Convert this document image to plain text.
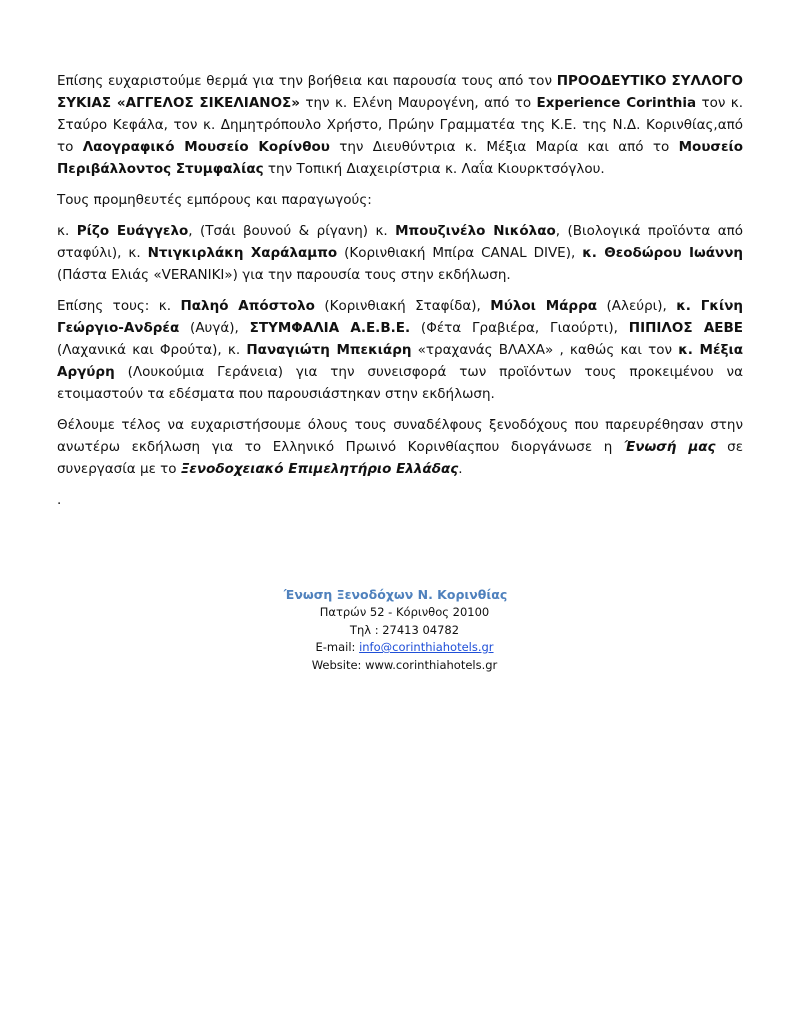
Επίσης ευχαριστούμε θερμά για την βοήθεια και παρουσία τους από τον ΠΡΟΟΔΕΥΤΙΚΟ ΣΥΛΛΟΓΟ ΣΥΚΙΑΣ «ΑΓΓΕΛΟΣ ΣΙΚΕΛΙΑΝΟΣ» την κ. Ελένη Μαυρογένη, από το Experience Corinthia τον κ. Σταύρο Κεφάλα, τον κ. Δημητρόπουλο Χρήστο, Πρώην Γραμματέα της Κ.Ε. της Ν.Δ. Κορινθίας,από το Λαογραφικό Μουσείο Κορίνθου την Διευθύντρια κ. Μέξια Μαρία και από το Μουσείο Περιβάλλοντος Στυμφαλίας την Τοπική Διαχειρίστρια κ. Λαΐα Κιουρκτσόγλου.

Τους προμηθευτές εμπόρους και παραγωγούς:

κ. Ρίζο Ευάγγελο, (Τσάι βουνού & ρίγανη) κ. Μπουζινέλο Νικόλαο, (Βιολογικά προϊόντα από σταφύλι), κ. Ντιγκιρλάκη Χαράλαμπο (Κορινθιακή Μπίρα CANAL DIVE), κ. Θεοδώρου Ιωάννη (Πάστα Ελιάς «VERANIKI») για την παρουσία τους στην εκδήλωση.

Επίσης τους: κ. Παληό Απόστολο (Κορινθιακή Σταφίδα), Μύλοι Μάρρα (Αλεύρι), κ. Γκίνη Γεώργιο-Ανδρέα (Αυγά), ΣΤΥΜΦΑΛΙΑ Α.Ε.Β.Ε. (Φέτα Γραβιέρα, Γιαούρτι), ΠΙΠΙΛΟΣ ΑΕΒΕ (Λαχανικά και Φρούτα), κ. Παναγιώτη Μπεκιάρη «τραχανάς ΒΛΑΧΑ» , καθώς και τον κ. Μέξια Αργύρη (Λουκούμια Γεράνεια) για την συνεισφορά των προϊόντων τους προκειμένου να ετοιμαστούν τα εδέσματα που παρουσιάστηκαν στην εκδήλωση.

Θέλουμε τέλος να ευχαριστήσουμε όλους τους συναδέλφους ξενοδόχους που παρευρέθησαν στην ανωτέρω εκδήλωση για το Ελληνικό Πρωινό Κορινθίαςπου διοργάνωσε η Ένωσή μας σε συνεργασία με το Ξενοδοχειακό Επιμελητήριο Ελλάδας.

.

Ένωση Ξενοδόχων Ν. Κορινθίας
Πατρών 52 - Κόρινθος 20100
Τηλ : 27413 04782
E-mail: info@corinthiahotels.gr
Website: www.corinthiahotels.gr
